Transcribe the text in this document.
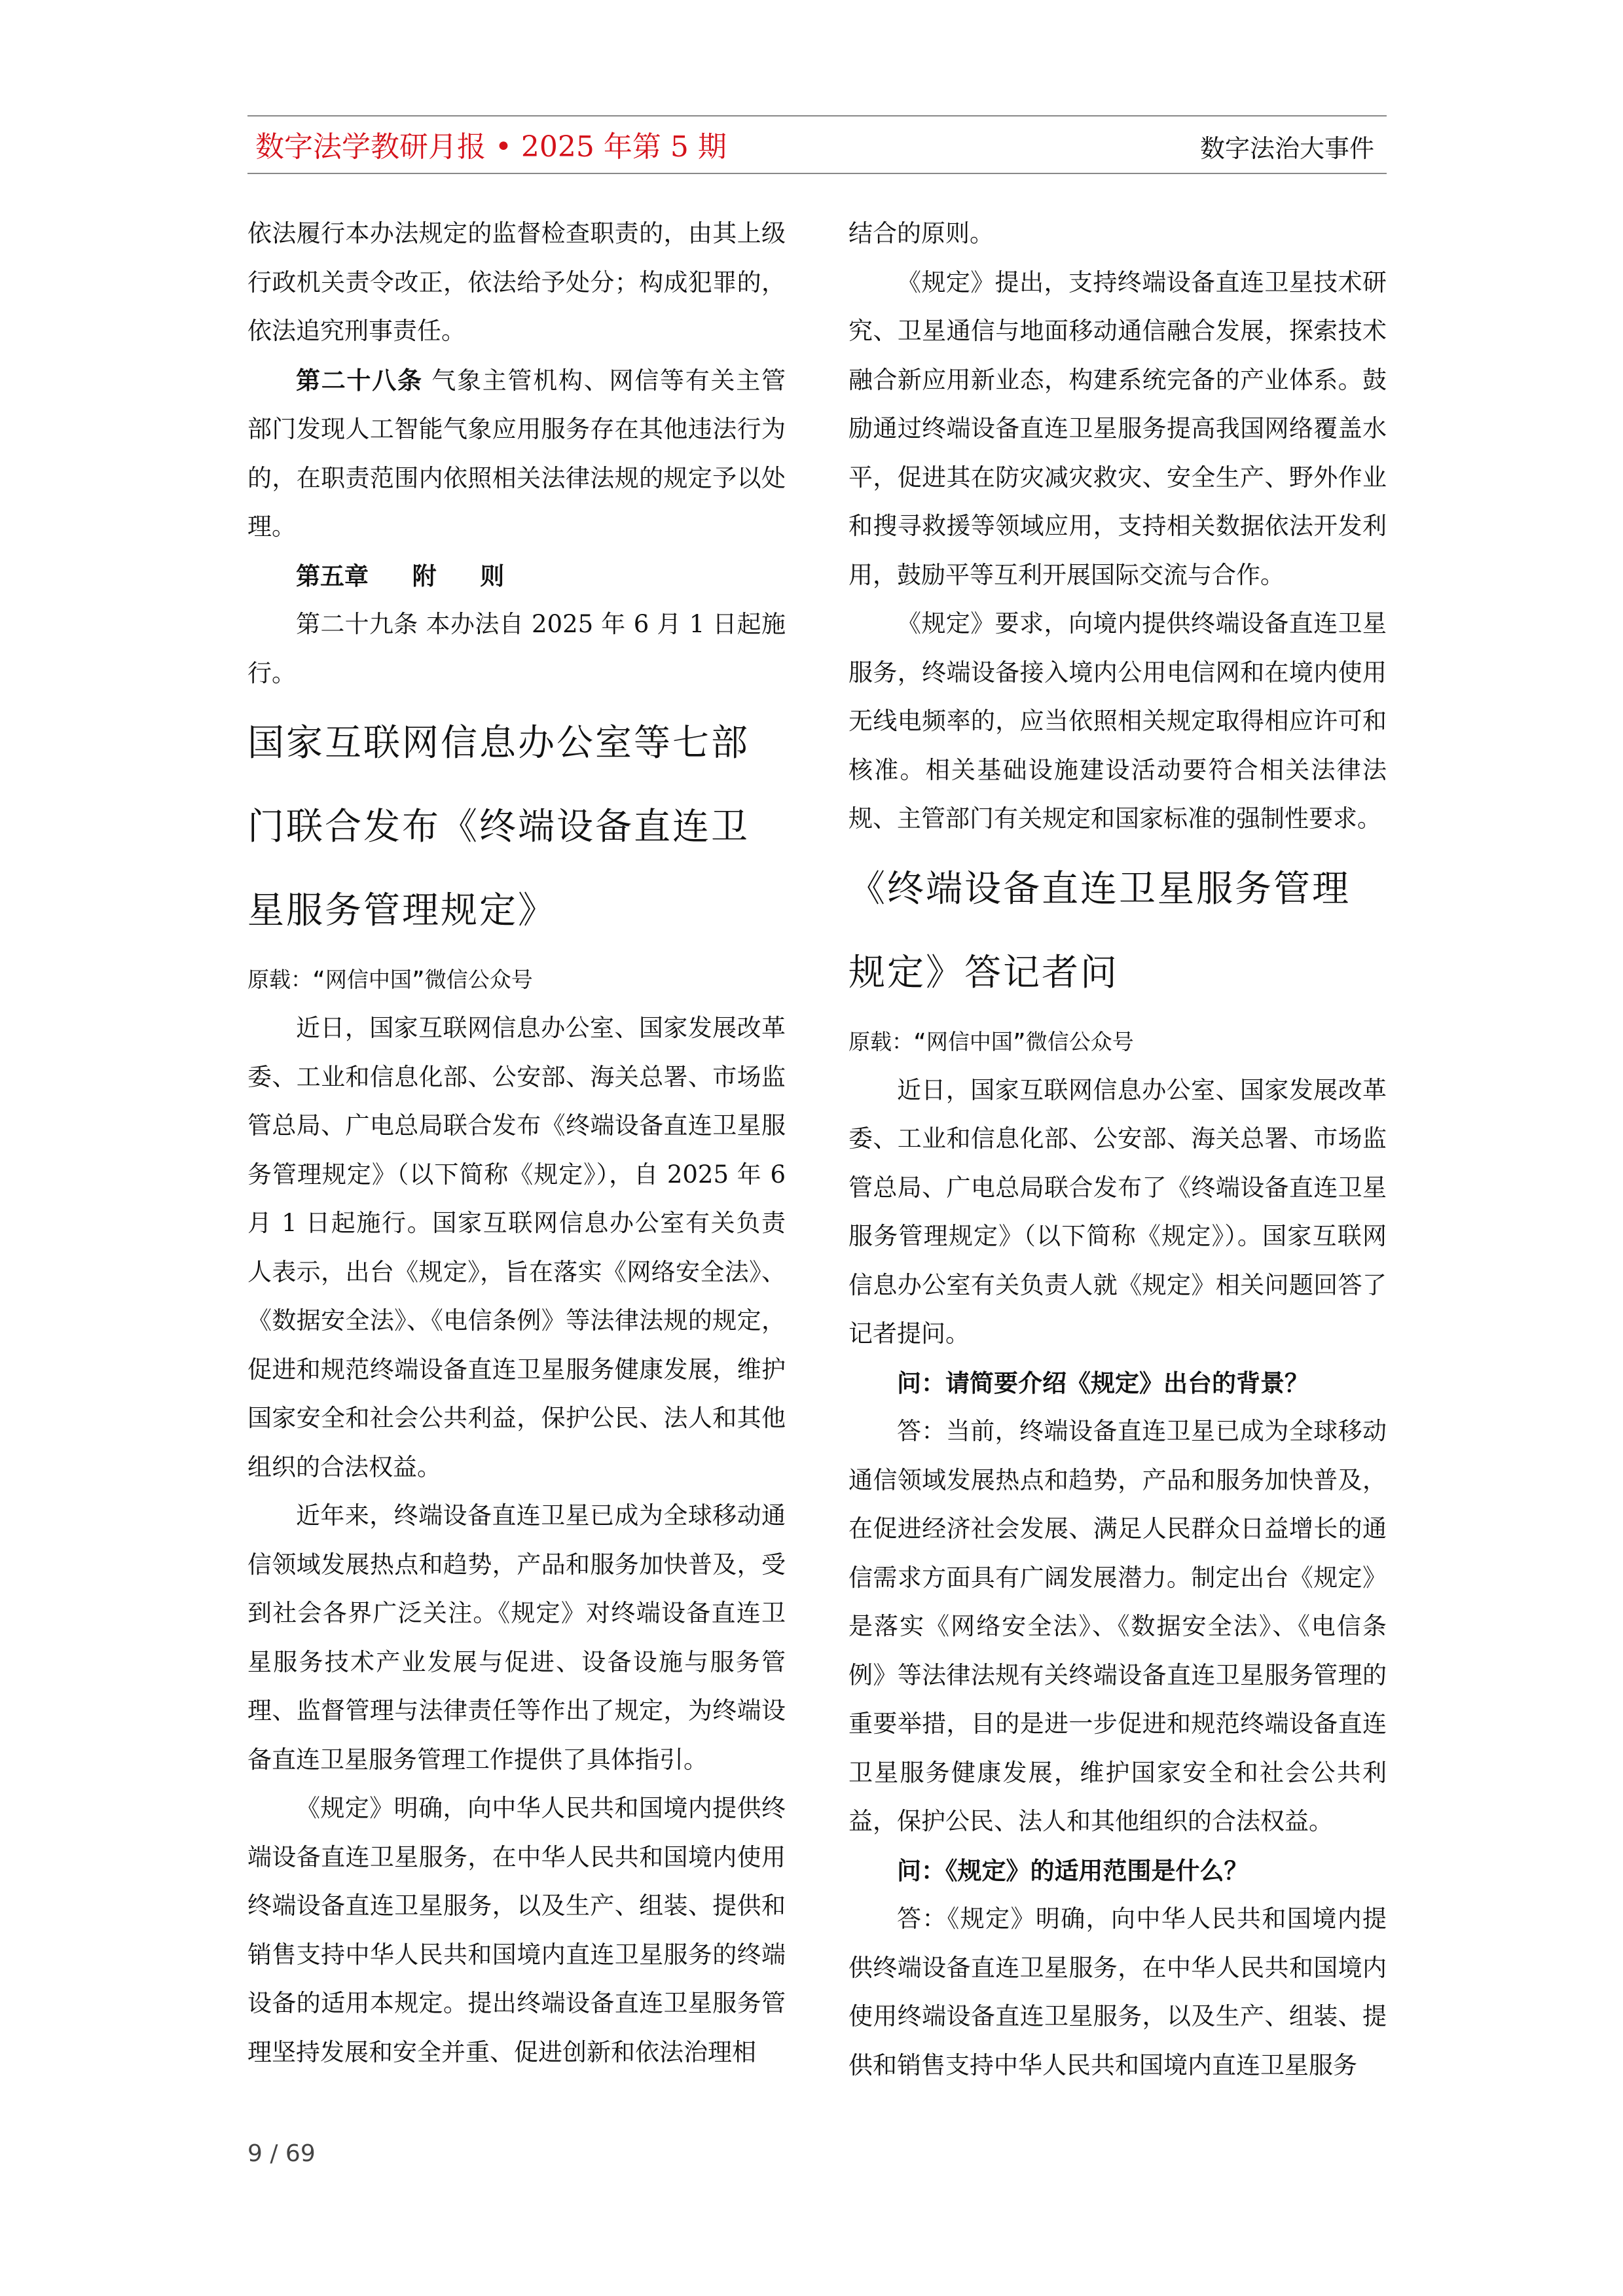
数字法学教研月报 • 2025 年第 5 期	数字法治大事件

依法履行本办法规定的监督检查职责的，由其上级行政机关责令改正，依法给予处分；构成犯罪的，依法追究刑事责任。

第二十八条 气象主管机构、网信等有关主管部门发现人工智能气象应用服务存在其他违法行为的，在职责范围内依照相关法律法规的规定予以处理。

第五章 附 则

第二十九条 本办法自 2025 年 6 月 1 日起施行。

国家互联网信息办公室等七部门联合发布《终端设备直连卫星服务管理规定》

原载：“网信中国”微信公众号

近日，国家互联网信息办公室、国家发展改革委、工业和信息化部、公安部、海关总署、市场监管总局、广电总局联合发布《终端设备直连卫星服务管理规定》（以下简称《规定》），自 2025 年 6 月 1 日起施行。国家互联网信息办公室有关负责人表示，出台《规定》，旨在落实《网络安全法》、《数据安全法》、《电信条例》等法律法规的规定，促进和规范终端设备直连卫星服务健康发展，维护国家安全和社会公共利益，保护公民、法人和其他组织的合法权益。

近年来，终端设备直连卫星已成为全球移动通信领域发展热点和趋势，产品和服务加快普及，受到社会各界广泛关注。《规定》对终端设备直连卫星服务技术产业发展与促进、设备设施与服务管理、监督管理与法律责任等作出了规定，为终端设备直连卫星服务管理工作提供了具体指引。

《规定》明确，向中华人民共和国境内提供终端设备直连卫星服务，在中华人民共和国境内使用终端设备直连卫星服务，以及生产、组装、提供和销售支持中华人民共和国境内直连卫星服务的终端设备的适用本规定。提出终端设备直连卫星服务管理坚持发展和安全并重、促进创新和依法治理相

结合的原则。

《规定》提出，支持终端设备直连卫星技术研究、卫星通信与地面移动通信融合发展，探索技术融合新应用新业态，构建系统完备的产业体系。鼓励通过终端设备直连卫星服务提高我国网络覆盖水平，促进其在防灾减灾救灾、安全生产、野外作业和搜寻救援等领域应用，支持相关数据依法开发利用，鼓励平等互利开展国际交流与合作。

《规定》要求，向境内提供终端设备直连卫星服务，终端设备接入境内公用电信网和在境内使用无线电频率的，应当依照相关规定取得相应许可和核准。相关基础设施建设活动要符合相关法律法规、主管部门有关规定和国家标准的强制性要求。

《终端设备直连卫星服务管理规定》答记者问

原载：“网信中国”微信公众号

近日，国家互联网信息办公室、国家发展改革委、工业和信息化部、公安部、海关总署、市场监管总局、广电总局联合发布了《终端设备直连卫星服务管理规定》（以下简称《规定》）。国家互联网信息办公室有关负责人就《规定》相关问题回答了记者提问。

问：请简要介绍《规定》出台的背景？

答：当前，终端设备直连卫星已成为全球移动通信领域发展热点和趋势，产品和服务加快普及，在促进经济社会发展、满足人民群众日益增长的通信需求方面具有广阔发展潜力。制定出台《规定》是落实《网络安全法》、《数据安全法》、《电信条例》等法律法规有关终端设备直连卫星服务管理的重要举措，目的是进一步促进和规范终端设备直连卫星服务健康发展，维护国家安全和社会公共利益，保护公民、法人和其他组织的合法权益。

问：《规定》的适用范围是什么？

答：《规定》明确，向中华人民共和国境内提供终端设备直连卫星服务，在中华人民共和国境内使用终端设备直连卫星服务，以及生产、组装、提供和销售支持中华人民共和国境内直连卫星服务

9 / 69
